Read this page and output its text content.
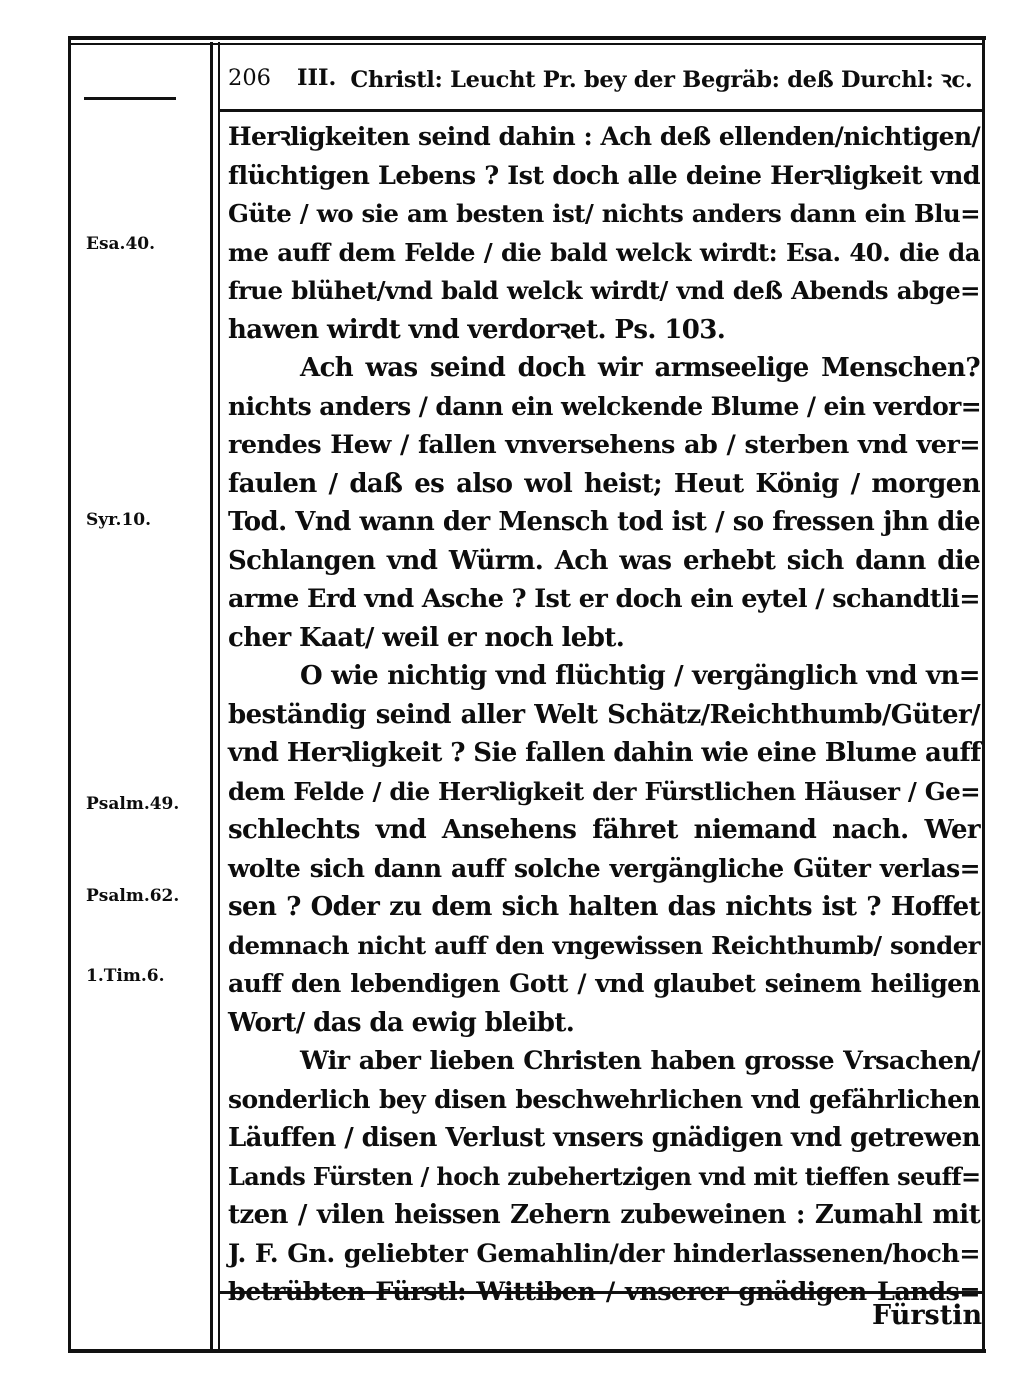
206 III. Christl: Leucht Pr. bey der Begräb: deß Durchl: ꝛc.
Esa.40.
Syr.10.
Psalm.49.
Psalm.62.
1.Tim.6.
Herꝛligkeiten seind dahin : Ach deß ellenden/nichtigen/
flüchtigen Lebens ? Ist doch alle deine Herꝛligkeit vnd
Güte / wo sie am besten ist/ nichts anders dann ein Blu=
me auff dem Felde / die bald welck wirdt: Esa. 40. die da
frue blühet/vnd bald welck wirdt/ vnd deß Abends abge=
hawen wirdt vnd verdorꝛet. Ps. 103.
Ach was seind doch wir armseelige Menschen?
nichts anders / dann ein welckende Blume / ein verdor=
rendes Hew / fallen vnversehens ab / sterben vnd ver=
faulen / daß es also wol heist; Heut König / morgen
Tod. Vnd wann der Mensch tod ist / so fressen jhn die
Schlangen vnd Würm. Ach was erhebt sich dann die
arme Erd vnd Asche ? Ist er doch ein eytel / schandtli=
cher Kaat/ weil er noch lebt.
O wie nichtig vnd flüchtig / vergänglich vnd vn=
beständig seind aller Welt Schätz/Reichthumb/Güter/
vnd Herꝛligkeit ? Sie fallen dahin wie eine Blume auff
dem Felde / die Herꝛligkeit der Fürstlichen Häuser / Ge=
schlechts vnd Ansehens fähret niemand nach. Wer
wolte sich dann auff solche vergängliche Güter verlas=
sen ? Oder zu dem sich halten das nichts ist ? Hoffet
demnach nicht auff den vngewissen Reichthumb/ sonder
auff den lebendigen Gott / vnd glaubet seinem heiligen
Wort/ das da ewig bleibt.
Wir aber lieben Christen haben grosse Vrsachen/
sonderlich bey disen beschwehrlichen vnd gefährlichen
Läuffen / disen Verlust vnsers gnädigen vnd getrewen
Lands Fürsten / hoch zubehertzigen vnd mit tieffen seuff=
tzen / vilen heissen Zehern zubeweinen : Zumahl mit
J. F. Gn. geliebter Gemahlin/der hinderlassenen/hoch=
betrübten Fürstl: Wittiben / vnserer gnädigen Lands=
Fürstin
